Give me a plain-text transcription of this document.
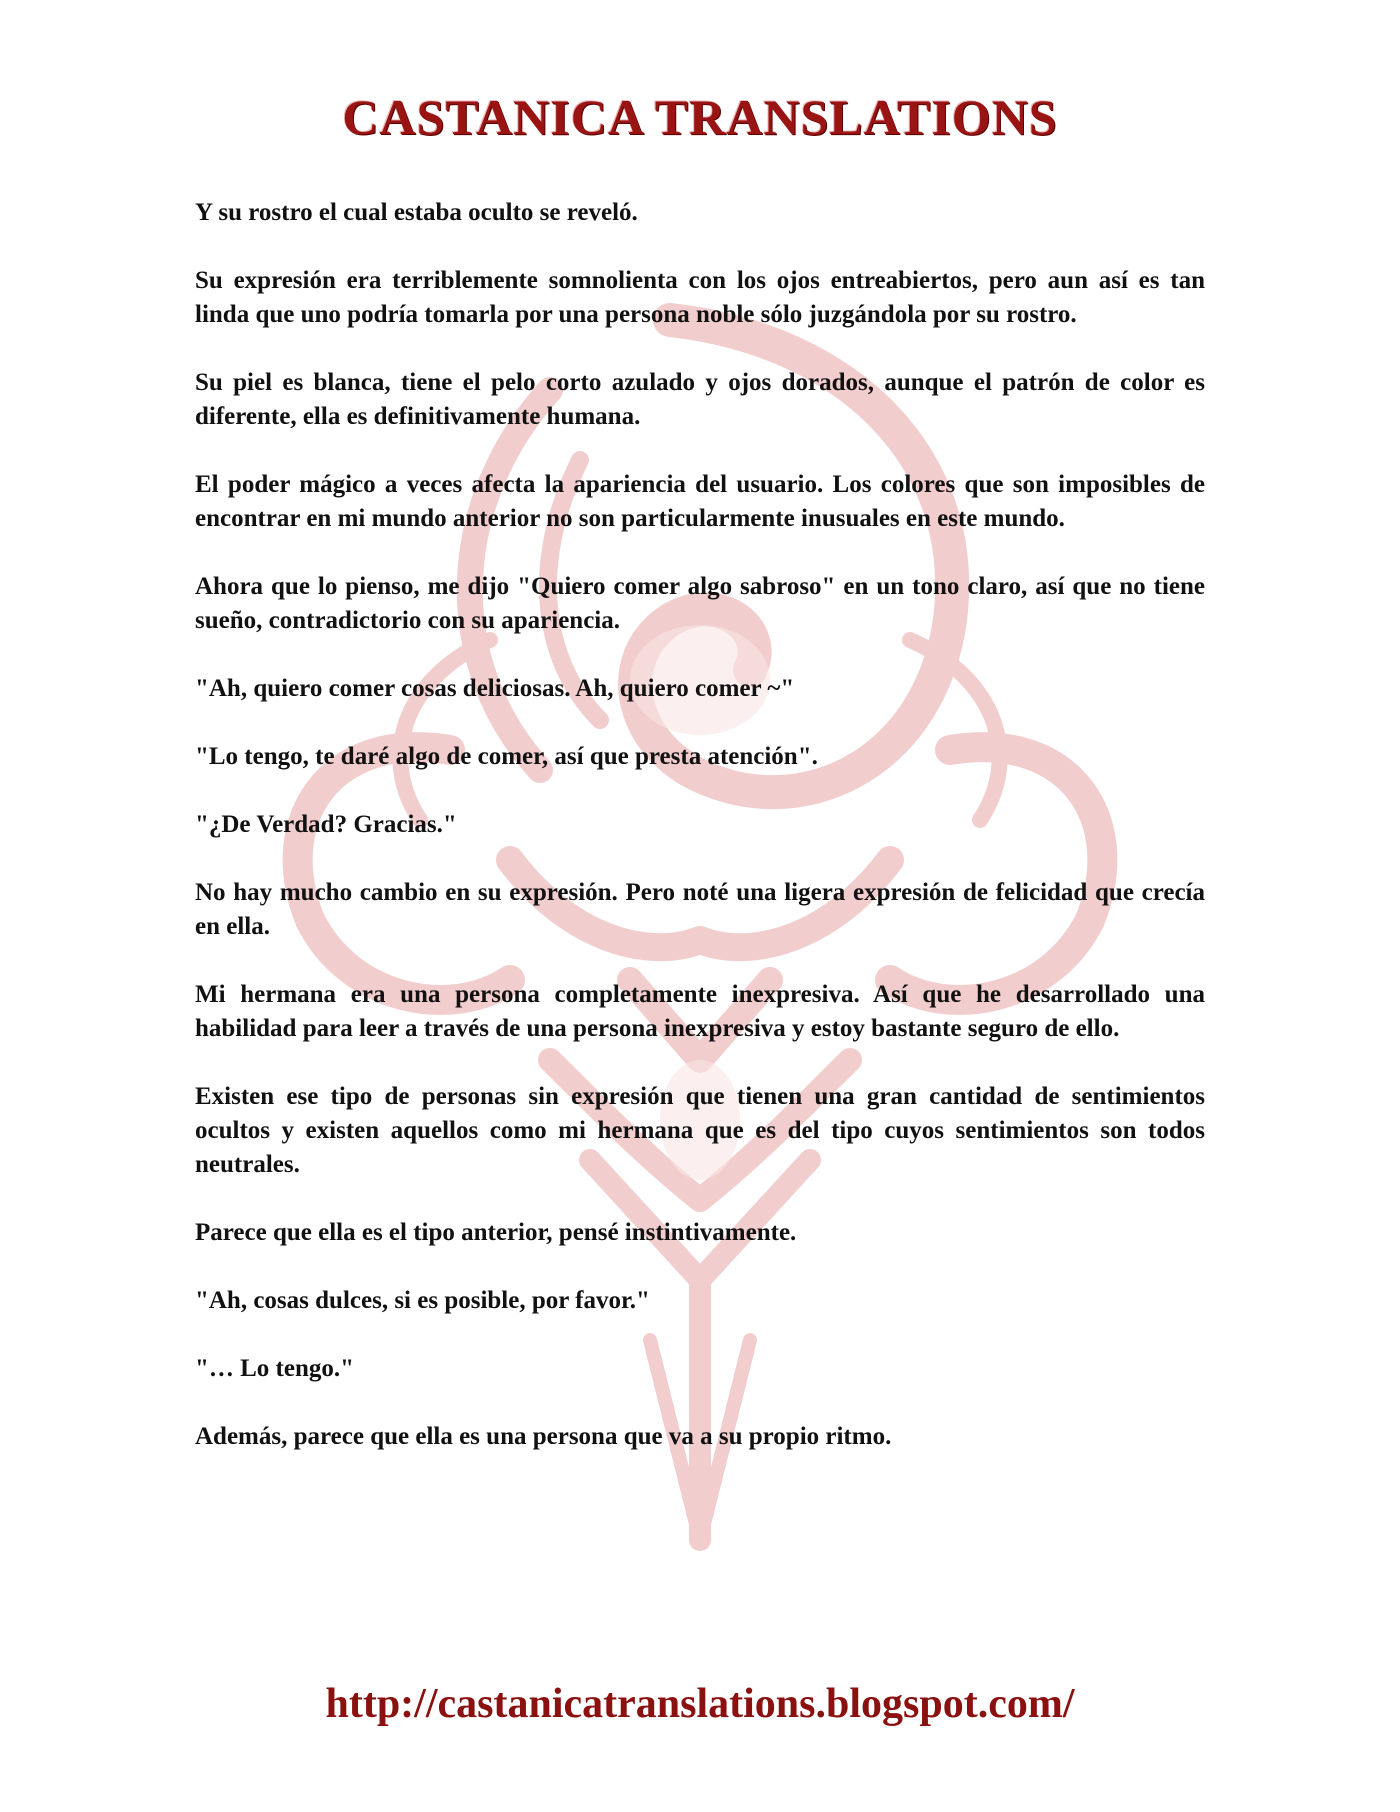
CASTANICA TRANSLATIONS

Y su rostro el cual estaba oculto se reveló.

Su expresión era terriblemente somnolienta con los ojos entreabiertos, pero aun así es tan linda que uno podría tomarla por una persona noble sólo juzgándola por su rostro.

Su piel es blanca, tiene el pelo corto azulado y ojos dorados, aunque el patrón de color es diferente, ella es definitivamente humana.

El poder mágico a veces afecta la apariencia del usuario. Los colores que son imposibles de encontrar en mi mundo anterior no son particularmente inusuales en este mundo.

Ahora que lo pienso, me dijo "Quiero comer algo sabroso" en un tono claro, así que no tiene sueño, contradictorio con su apariencia.

"Ah, quiero comer cosas deliciosas. Ah, quiero comer ~"

"Lo tengo, te daré algo de comer, así que presta atención".

"¿De Verdad? Gracias."

No hay mucho cambio en su expresión. Pero noté una ligera expresión de felicidad que crecía en ella.

Mi hermana era una persona completamente inexpresiva. Así que he desarrollado una habilidad para leer a través de una persona inexpresiva y estoy bastante seguro de ello.

Existen ese tipo de personas sin expresión que tienen una gran cantidad de sentimientos ocultos y existen aquellos como mi hermana que es del tipo cuyos sentimientos son todos neutrales.

Parece que ella es el tipo anterior, pensé instintivamente.

"Ah, cosas dulces, si es posible, por favor."

"… Lo tengo."

Además, parece que ella es una persona que va a su propio ritmo.

http://castanicatranslations.blogspot.com/
